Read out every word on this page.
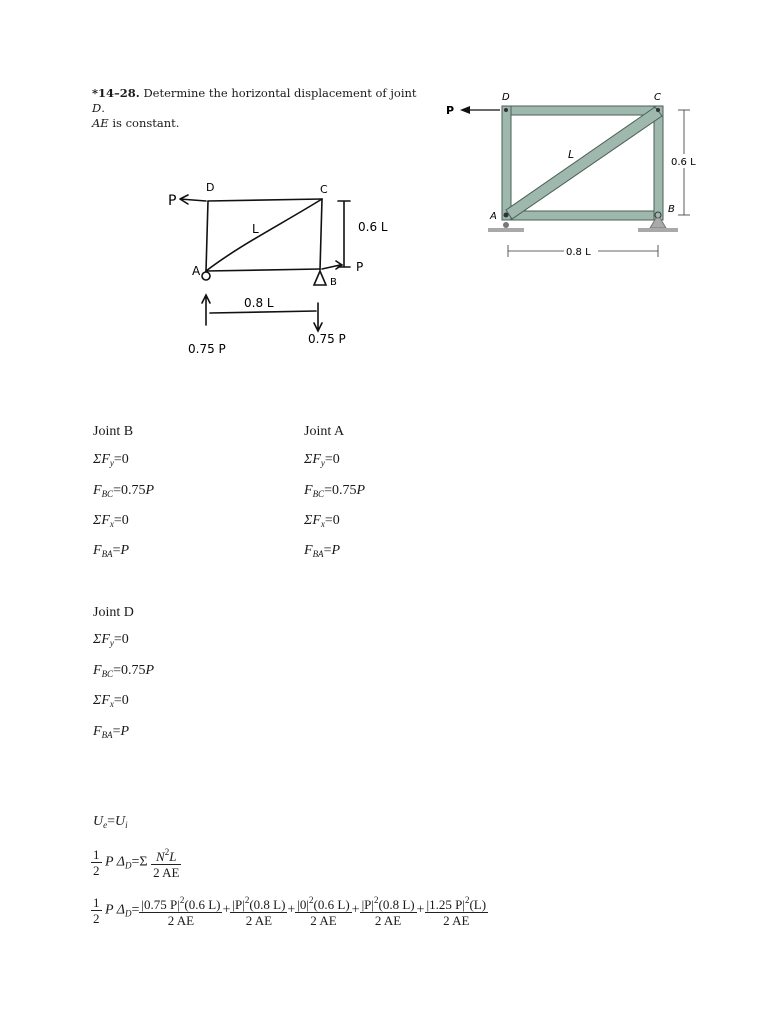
*14–28. Determine the horizontal displacement of joint D.
AE is constant.
P
D	C
A
B
L
0.6 L
0.8 L
P
D	C
A
B
L	0.6 L
P
0.8 L
0.75 P
0.75 P
Joint B
$\Sigma F_y=0$
$F_{BC}=0.75P$
$\Sigma F_x=0$
$F_{BA}=P$
Joint A
$\Sigma F_y=0$
$F_{BC}=0.75P$
$\Sigma F_x=0$
$F_{BA}=P$
Joint D
$\Sigma F_y=0$
$F_{BC}=0.75P$
$\Sigma F_x=0$
$F_{BA}=P$
$U_e=U_i$
$\frac{1}{2}$ P $\Delta_D=\Sigma \frac{N^2L}{2 AE}$
$\frac{1}{2}$ P $\Delta_D= \frac{|0.75 P|^2(0.6 L)}{2 AE} + \frac{|P|^2(0.8 L)}{2 AE} + \frac{|0|^2(0.6 L)}{2 AE} + \frac{|P|^2(0.8 L)}{2 AE} + \frac{|1.25 P|^2(L)}{2 AE}$
